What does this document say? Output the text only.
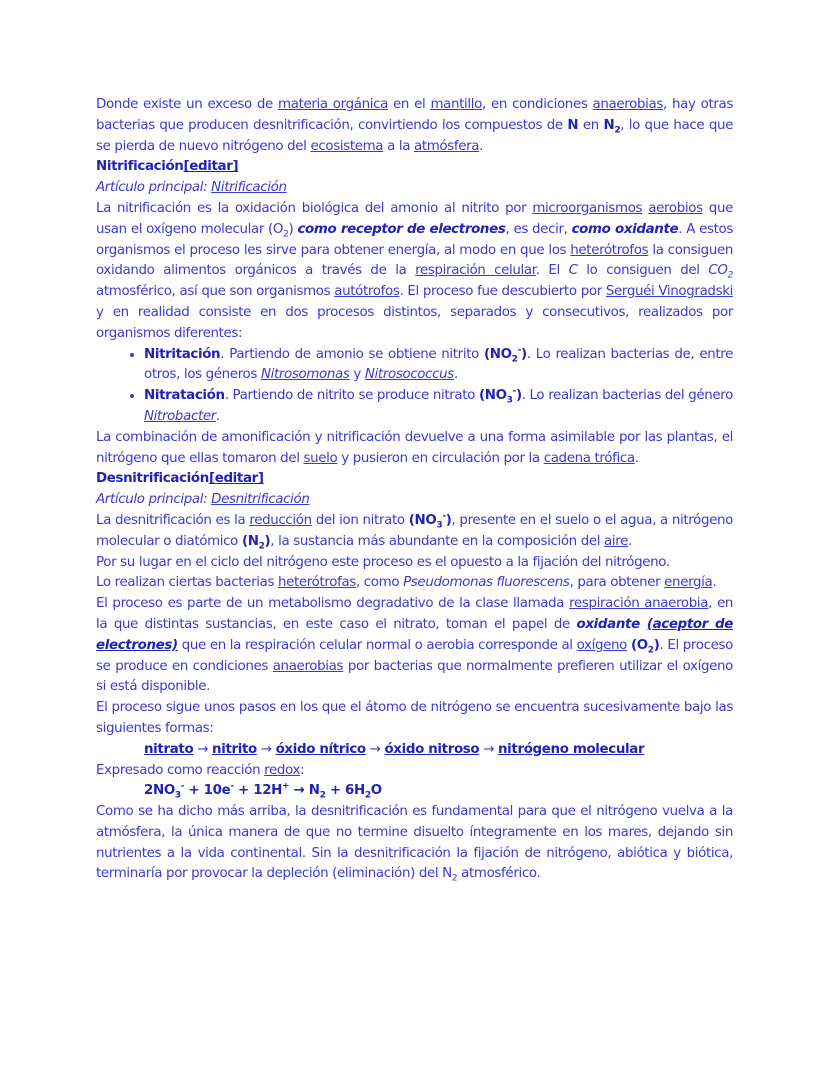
Donde existe un exceso de materia orgánica en el mantillo, en condiciones anaerobias, hay otras bacterias que producen desnitrificación, convirtiendo los compuestos de N en $N_2$, lo que hace que se pierda de nuevo nitrógeno del ecosistema a la atmósfera.

Nitrificación[editar]

Artículo principal: Nitrificación

La nitrificación es la oxidación biológica del amonio al nitrito por microorganismos aerobios que usan el oxígeno molecular $(O_2)$ como receptor de electrones, es decir, como oxidante. A estos organismos el proceso les sirve para obtener energía, al modo en que los heterótrofos la consiguen oxidando alimentos orgánicos a través de la respiración celular. El C lo consiguen del $CO_2$ atmosférico, así que son organismos autótrofos. El proceso fue descubierto por Serguéi Vinogradski y en realidad consiste en dos procesos distintos, separados y consecutivos, realizados por organismos diferentes:

• Nitritación. Partiendo de amonio se obtiene nitrito $(NO_2^-)$. Lo realizan bacterias de, entre otros, los géneros Nitrosomonas y Nitrosococcus.
• Nitratación. Partiendo de nitrito se produce nitrato $(NO_3^-)$. Lo realizan bacterias del género Nitrobacter.

La combinación de amonificación y nitrificación devuelve a una forma asimilable por las plantas, el nitrógeno que ellas tomaron del suelo y pusieron en circulación por la cadena trófica.

Desnitrificación[editar]

Artículo principal: Desnitrificación

La desnitrificación es la reducción del ion nitrato $(NO_3^-)$, presente en el suelo o el agua, a nitrógeno molecular o diatómico $(N_2)$, la sustancia más abundante en la composición del aire.

Por su lugar en el ciclo del nitrógeno este proceso es el opuesto a la fijación del nitrógeno.

Lo realizan ciertas bacterias heterótrofas, como Pseudomonas fluorescens, para obtener energía.

El proceso es parte de un metabolismo degradativo de la clase llamada respiración anaerobia, en la que distintas sustancias, en este caso el nitrato, toman el papel de oxidante (aceptor de electrones) que en la respiración celular normal o aerobia corresponde al oxígeno $(O_2)$. El proceso se produce en condiciones anaerobias por bacterias que normalmente prefieren utilizar el oxígeno si está disponible.

El proceso sigue unos pasos en los que el átomo de nitrógeno se encuentra sucesivamente bajo las siguientes formas:

nitrato → nitrito → óxido nítrico → óxido nitroso → nitrógeno molecular

Expresado como reacción redox:

$2NO_3^- + 10e^- + 12H^+ \to N_2 + 6H_2O$

Como se ha dicho más arriba, la desnitrificación es fundamental para que el nitrógeno vuelva a la atmósfera, la única manera de que no termine disuelto íntegramente en los mares, dejando sin nutrientes a la vida continental. Sin la desnitrificación la fijación de nitrógeno, abiótica y biótica, terminaría por provocar la depleción (eliminación) del $N_2$ atmosférico.
